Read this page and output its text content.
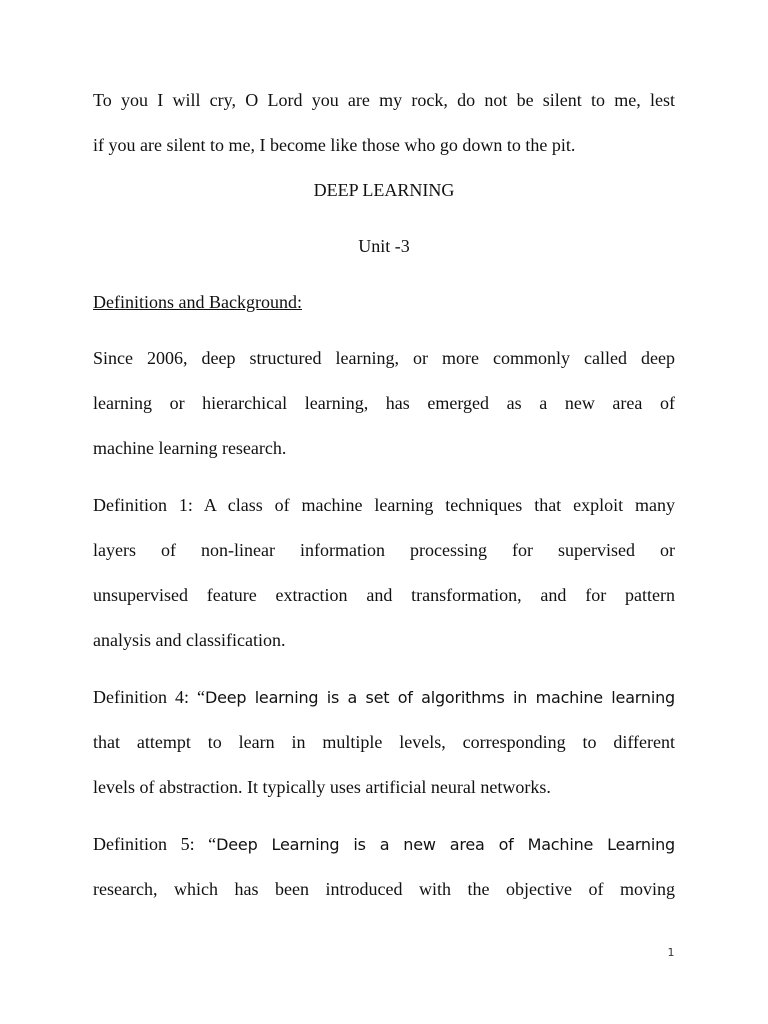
To you I will cry, O Lord you are my rock, do not be silent to me, lest
if you are silent to me, I become like those who go down to the pit.
DEEP LEARNING
Unit -3
Definitions and Background:
Since 2006, deep structured learning, or more commonly called deep
learning or hierarchical learning, has emerged as a new area of
machine learning research.
Definition 1: A class of machine learning techniques that exploit many
layers of non-linear information processing for supervised or
unsupervised feature extraction and transformation, and for pattern
analysis and classification.
Definition 4: “Deep learning is a set of algorithms in machine learning
that attempt to learn in multiple levels, corresponding to different
levels of abstraction. It typically uses artificial neural networks.
Definition 5: “Deep Learning is a new area of Machine Learning
research, which has been introduced with the objective of moving
1
